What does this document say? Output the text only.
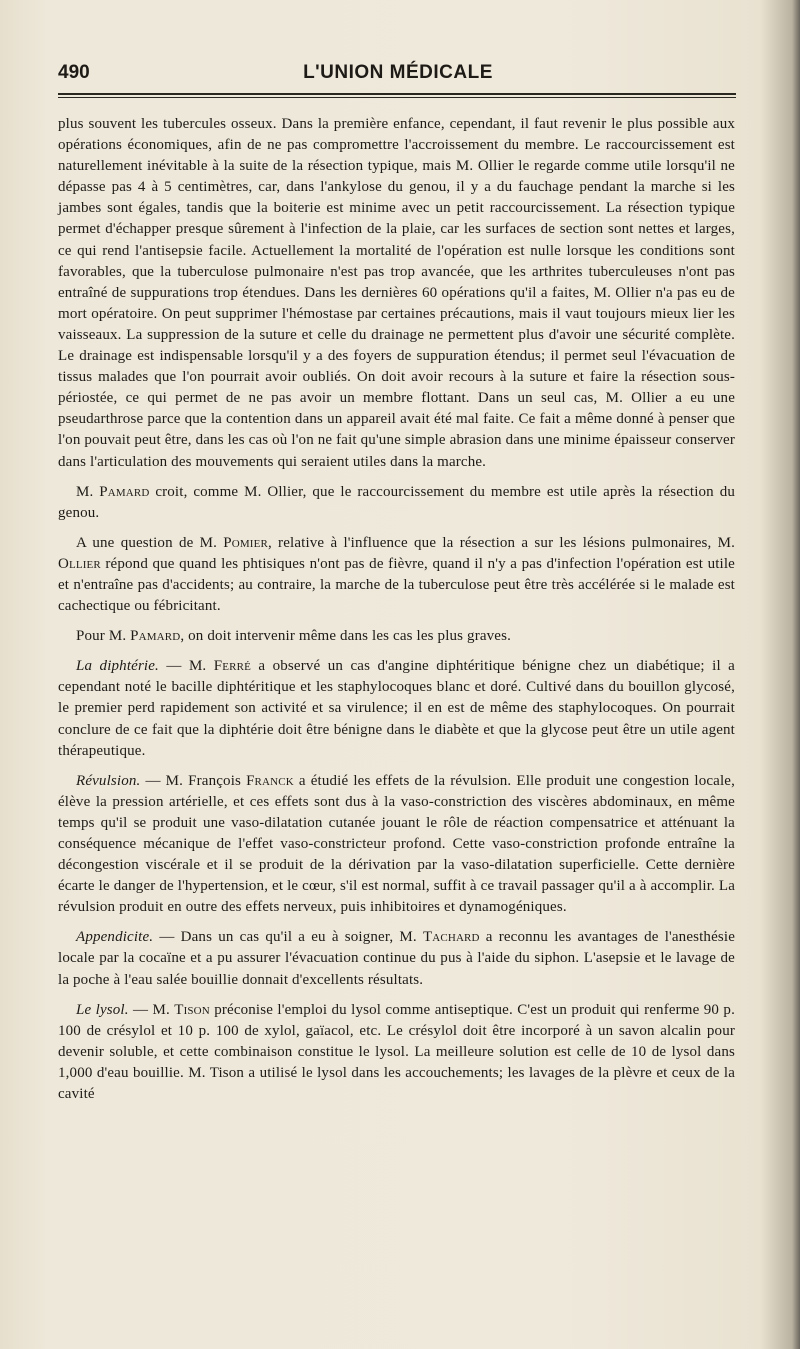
490	L'UNION MÉDICALE

plus souvent les tubercules osseux. Dans la première enfance, cependant, il faut revenir le plus possible aux opérations économiques, afin de ne pas compromettre l'accroissement du membre. Le raccourcissement est naturellement inévitable à la suite de la résection typique, mais M. Ollier le regarde comme utile lorsqu'il ne dépasse pas 4 à 5 centimètres, car, dans l'ankylose du genou, il y a du fauchage pendant la marche si les jambes sont égales, tandis que la boiterie est minime avec un petit raccourcissement. La résection typique permet d'échapper presque sûrement à l'infection de la plaie, car les surfaces de section sont nettes et larges, ce qui rend l'antisepsie facile. Actuellement la mortalité de l'opération est nulle lorsque les conditions sont favorables, que la tuberculose pulmonaire n'est pas trop avancée, que les arthrites tuberculeuses n'ont pas entraîné de suppurations trop étendues. Dans les dernières 60 opérations qu'il a faites, M. Ollier n'a pas eu de mort opératoire. On peut supprimer l'hémostase par certaines précautions, mais il vaut toujours mieux lier les vaisseaux. La suppression de la suture et celle du drainage ne permettent plus d'avoir une sécurité complète. Le drainage est indispensable lorsqu'il y a des foyers de suppuration étendus; il permet seul l'évacuation de tissus malades que l'on pourrait avoir oubliés. On doit avoir recours à la suture et faire la résection sous-périostée, ce qui permet de ne pas avoir un membre flottant. Dans un seul cas, M. Ollier a eu une pseudarthrose parce que la contention dans un appareil avait été mal faite. Ce fait a même donné à penser que l'on pouvait peut être, dans les cas où l'on ne fait qu'une simple abrasion dans une minime épaisseur conserver dans l'articulation des mouvements qui seraient utiles dans la marche.

M. Pamard croit, comme M. Ollier, que le raccourcissement du membre est utile après la résection du genou.

A une question de M. Pomier, relative à l'influence que la résection a sur les lésions pulmonaires, M. Ollier répond que quand les phtisiques n'ont pas de fièvre, quand il n'y a pas d'infection l'opération est utile et n'entraîne pas d'accidents; au contraire, la marche de la tuberculose peut être très accélérée si le malade est cachectique ou fébricitant.

Pour M. Pamard, on doit intervenir même dans les cas les plus graves.

La diphtérie. — M. Ferré a observé un cas d'angine diphtéritique bénigne chez un diabétique; il a cependant noté le bacille diphtéritique et les staphylocoques blanc et doré. Cultivé dans du bouillon glycosé, le premier perd rapidement son activité et sa virulence; il en est de même des staphylocoques. On pourrait conclure de ce fait que la diphtérie doit être bénigne dans le diabète et que la glycose peut être un utile agent thérapeutique.

Révulsion. — M. François Franck a étudié les effets de la révulsion. Elle produit une congestion locale, élève la pression artérielle, et ces effets sont dus à la vaso-constriction des viscères abdominaux, en même temps qu'il se produit une vaso-dilatation cutanée jouant le rôle de réaction compensatrice et atténuant la conséquence mécanique de l'effet vaso-constricteur profond. Cette vaso-constriction profonde entraîne la décongestion viscérale et il se produit de la dérivation par la vaso-dilatation superficielle. Cette dernière écarte le danger de l'hypertension, et le cœur, s'il est normal, suffit à ce travail passager qu'il a à accomplir. La révulsion produit en outre des effets nerveux, puis inhibitoires et dynamogéniques.

Appendicite. — Dans un cas qu'il a eu à soigner, M. Tachard a reconnu les avantages de l'anesthésie locale par la cocaïne et a pu assurer l'évacuation continue du pus à l'aide du siphon. L'asepsie et le lavage de la poche à l'eau salée bouillie donnait d'excellents résultats.

Le lysol. — M. Tison préconise l'emploi du lysol comme antiseptique. C'est un produit qui renferme 90 p. 100 de crésylol et 10 p. 100 de xylol, gaïacol, etc. Le crésylol doit être incorporé à un savon alcalin pour devenir soluble, et cette combinaison constitue le lysol. La meilleure solution est celle de 10 de lysol dans 1,000 d'eau bouillie. M. Tison a utilisé le lysol dans les accouchements; les lavages de la plèvre et ceux de la cavité
